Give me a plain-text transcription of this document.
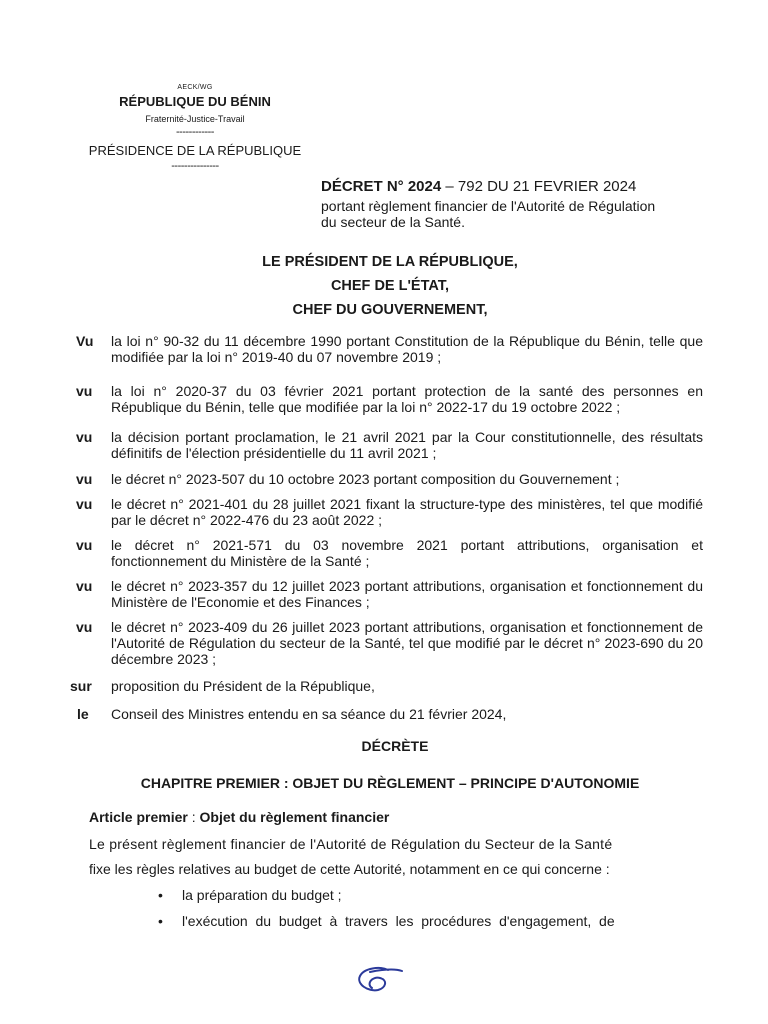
AECK/WG
RÉPUBLIQUE DU BÉNIN
Fraternité-Justice-Travail
------------
PRÉSIDENCE DE LA RÉPUBLIQUE
---------------
DÉCRET N° 2024 – 792 DU 21 FEVRIER 2024
portant règlement financier de l'Autorité de Régulation
du secteur de la Santé.
LE PRÉSIDENT DE LA RÉPUBLIQUE,
CHEF DE L'ÉTAT,
CHEF DU GOUVERNEMENT,
Vu la loi n° 90-32 du 11 décembre 1990 portant Constitution de la République du Bénin, telle que modifiée par la loi n° 2019-40 du 07 novembre 2019 ;
vu la loi n° 2020-37 du 03 février 2021 portant protection de la santé des personnes en République du Bénin, telle que modifiée par la loi n° 2022-17 du 19 octobre 2022 ;
vu la décision portant proclamation, le 21 avril 2021 par la Cour constitutionnelle, des résultats définitifs de l'élection présidentielle du 11 avril 2021 ;
vu le décret n° 2023-507 du 10 octobre 2023 portant composition du Gouvernement ;
vu le décret n° 2021-401 du 28 juillet 2021 fixant la structure-type des ministères, tel que modifié par le décret n° 2022-476 du 23 août 2022 ;
vu le décret n° 2021-571 du 03 novembre 2021 portant attributions, organisation et fonctionnement du Ministère de la Santé ;
vu le décret n° 2023-357 du 12 juillet 2023 portant attributions, organisation et fonctionnement du Ministère de l'Economie et des Finances ;
vu le décret n° 2023-409 du 26 juillet 2023 portant attributions, organisation et fonctionnement de l'Autorité de Régulation du secteur de la Santé, tel que modifié par le décret n° 2023-690 du 20 décembre 2023 ;
sur proposition du Président de la République,
le Conseil des Ministres entendu en sa séance du 21 février 2024,
DÉCRÈTE
CHAPITRE PREMIER : OBJET DU RÈGLEMENT – PRINCIPE D'AUTONOMIE
Article premier : Objet du règlement financier
Le présent règlement financier de l'Autorité de Régulation du Secteur de la Santé
fixe les règles relatives au budget de cette Autorité, notamment en ce qui concerne :
• la préparation du budget ;
• l'exécution  du  budget  à  travers  les  procédures  d'engagement,  de
